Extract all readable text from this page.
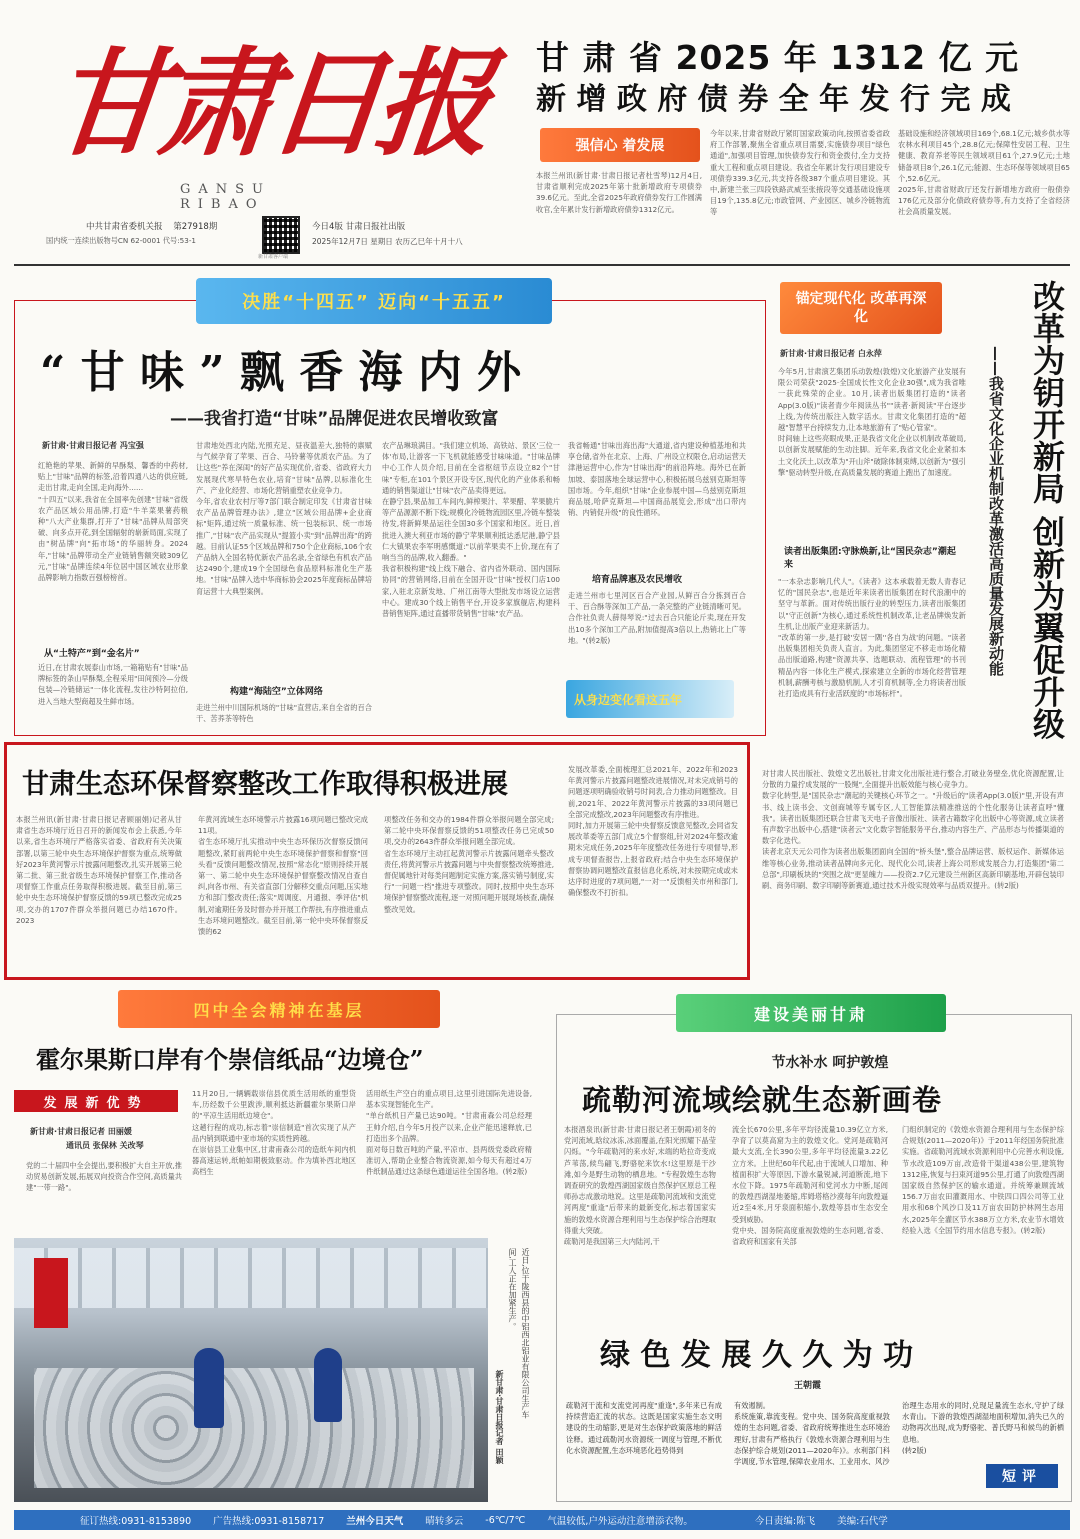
甘肃日报
GANSU RIBAO
中共甘肃省委机关报 第27918期
国内统一连续出版物号CN 62-0001 代号:53-1
新甘肃客户端
今日4版 甘肃日报社出版
2025年12月7日 星期日 农历乙巳年十月十八
甘 肃 省 2025 年 1312 亿 元
新 增 政 府 债 券 全 年 发 行 完 成
强信心 着发展
本报兰州讯(新甘肃·甘肃日报记者杜雪琴)12月4日,甘肃省顺利完成2025年第十批新增政府专项债券39.6亿元。至此,全省2025年政府债券发行工作圆满收官,全年累计发行新增政府债券1312亿元。
今年以来,甘肃省财政厅紧盯国家政策动向,按照省委省政府工作部署,聚焦全省重点项目需要,实施债券项目"绿色通道",加强项目管理,加快债券发行和资金拨付,全力支持重大工程和重点项目建设。我省全年累计发行项目建设专项债券339.3亿元,共支持各级387个重点项目建设。其中,新建兰张三四段铁路武威至张掖段等交通基础设施项目19个,135.8亿元;市政管网、产业园区、城乡冷链物流等
基础设施和经济领域项目169个,68.1亿元;城乡供水等农林水利项目45个,28.8亿元;保障性安居工程、卫生健康、教育养老等民生领域项目61个,27.9亿元;土地储备项目8个,26.1亿元;能源、生态环保等领域项目65个,52.6亿元。
2025年,甘肃省财政厅还发行新增地方政府一般债券176亿元及部分化债政府债券等,有力支持了全省经济社会高质量发展。
决胜“十四五” 迈向“十五五”
“ 甘 味 ” 飘 香 海 内 外
——我省打造“甘味”品牌促进农民增收致富
新甘肃·甘肃日报记者 冯宝强
红艳艳的苹果、新鲜的早酥梨、馨香的中药材,贴上"甘味"品牌的标签,沿着四通八达的供应链,走出甘肃,走向全国,走向海外……
"十四五"以来,我省在全国率先创建"甘味"省级农产品区域公用品牌,打造"牛羊菜果薯药粮种"八大产业集群,打开了"甘味"品牌从局部突破、向多点开花,到全国辐射的崭新局面,实现了由"树品牌"向"拓市场"的华丽转身。2024年,"甘味"品牌带动全产业链销售额突破309亿元,"甘味"品牌连续4年位居中国区域农业形象品牌影响力指数百强榜榜首。
从“土特产”到“金名片”
近日,在甘肃农展泰山市场,一箱箱贴有"甘味"品牌标签的条山早酥梨,全程采用"田间预冷—分级包装—冷链储运"一体化流程,发往沙特阿拉伯,进入当地大型商超及生鲜市场。
甘肃地处西北内陆,光照充足、昼夜温差大,独特的禀赋与气候孕育了苹果、百合、马铃薯等优质农产品。为了让这些"养在深闺"的好产品实现优价,省委、省政府大力发展现代寒旱特色农业,培育"甘味"品牌,以标准化生产、产业化经营、市场化营销重塑农业竞争力。
今年,省农业农村厅等7部门联合制定印发《甘肃省甘味农产品品牌管理办法》,建立"区域公用品牌+企业商标"矩阵,通过统一质量标准、统一包装标识、统一市场推广,"甘味"农产品实现从"提篮小卖"到"品牌出海"的跨越。目前认证55个区域品牌和750个企业商标,106个农产品纳入全国名特优新农产品名录,全省绿色有机农产品达2490个,建成19个全国绿色食品原料标准化生产基地。"甘味"品牌入选中华商标协会2025年度商标品牌培育运营十大典型案例。
构建“海陆空”立体网络
走进兰州中川国际机场的"甘味"直营店,来自全省的百合干、苦荞茶等特色
农产品琳琅满目。"我们建立机场、高铁站、景区'三位一体'布局,让游客一下飞机就能感受甘味味道。"甘味品牌中心工作人员介绍,目前在全省枢纽节点设立82个"甘味"专柜,在101个景区开设专区,现代化的产业体系和畅通的销售渠道让"甘味"农产品卖得更远。
在静宁县,果品加工车间内,鲜榨果汁、苹果醋、苹果脆片等产品源源不断下线;规模化冷链物流园区里,冷链车整装待发,将新鲜果品运往全国30多个国家和地区。近日,首批进入澳大利亚市场的静宁苹果顺利抵达悉尼港,静宁县仁大镇果农李军明感慨道:"以前苹果卖不上价,现在有了响当当的品牌,收入翻番。"
我省积极构建"线上线下融合、省内省外联动、国内国际协同"的营销网络,目前在全国开设"甘味"授权门店100家,入驻北京新发地、广州江南等大型批发市场设立运营中心。建成30个线上销售平台,开设多家旗舰店,构建科普销售矩阵,通过直播带货销售"甘味"农产品。
我省畅通"甘味出海出海"大通道,省内建设种植基地和共享仓储,省外在北京、上海、广州设立权限仓,启动运营天津港运营中心,作为"甘味出海"的前沿阵地。海外已在新加坡、泰国落地全球运营中心,积极拓展乌兹别克斯坦等国市场。今年,组织"甘味"企业参展中国—乌兹别克斯坦商品展,哈萨克斯坦—中国商品展览会,形成"出口带内销、内销促升级"的良性循环。
培育品牌惠及农民增收
走进兰州市七里河区百合产业园,从鲜百合分拣到百合干、百合酥等深加工产品,一条完整的产业链清晰可见。合作社负责人薛得琴说:"过去百合只能论斤卖,现在开发出10多个深加工产品,附加值提高3倍以上,热销北上广等地。"(转2版)
从身边变化看这五年
锚定现代化 改革再深化
新甘肃·甘肃日报记者 白永萍
今年5月,甘肃演艺集团乐动敦煌(敦煌)文化旅游产业发展有限公司荣获"2025·全国成长性文化企业30强",成为我省唯一获此殊荣的企业。10月,读者出版集团打造的"读者App(3.0版)"读者青少年阅读丛书""读者·新阅读"平台逐步上线,为传统出版注入数字活水。甘肃文化集团打造的"超越"智慧平台持续发力,让本地旅游有了"贴心管家"。
时间轴上这些亮眼成果,正是我省文化企业以机制改革破局,以创新发展赋能的生动注脚。近年来,我省文化企业紧扣本土文化沃土,以改革为"开山斧"破除体制束缚,以创新为"强引擎"驱动转型升级,在高质量发展的赛道上跑出了加速度。
读者出版集团:守脉焕新,让“国民杂志”潮起来
"一本杂志影响几代人"。《读者》这本承载着无数人青春记忆的"国民杂志",也是近年来读者出版集团在时代浪潮中的坚守与革新。面对传统出版行业的转型压力,读者出版集团以"守正创新"为核心,通过系统性机制改革,让老品牌焕发新生机,让出版产业迎来新活力。
"改革的第一步,是打破'安居一隅''各自为战'的问题。"读者出版集团相关负责人直言。为此,集团坚定不移走市场化精品出版道路,构建"资源共享、选题联动、流程管理"的书刊精品内容一体化生产模式,探索建立全新的市场化经营管理机制,薪酬考核与激励机制,人才引育机制等,全力将读者出版社打造成具有行业活跃度的"市场标杆"。	改革为钥开新局 创新为翼促升级
——我省文化企业机制改革激活高质量发展新动能
对甘肃人民出版社、敦煌文艺出版社,甘肃文化出版社进行整合,打破业务壁垒,优化资源配置,让分散的力量拧成发展的"一股绳",全面提升出版效能与核心竞争力。
数字化转型,是"国民杂志"潮起的关键核心环节之一。"升级后的"读者App(3.0版)"里,开设有声书、线上读书会、文创商城等专属专区,人工智能算法精准推送的个性化服务让读者直呼"懂我"。读者出版集团还联合甘肃飞天电子音像出版社、读者古籍数字化出版中心等资源,成立读者有声数字出版中心,搭建"读者云"文化数字智能服务平台,推动内容生产、产品形态与传播渠道的数字化迭代。
读者北京天元公司作为读者出版集团面向全国的"桥头堡",整合品牌运营、版权运作、新媒体运维等核心业务,推动读者品牌向多元化、现代化公司,读者上海公司形成发展合力,打造集团"第二总部",印刷板块的"突围之战"更显魄力——投资2.7亿元建设兰州新区高新印刷基地,开辟包装印刷、商务印刷、数字印刷等新赛道,通过技术升级实现效率与品质双提升。(转2版)
甘肃生态环保督察整改工作取得积极进展
本报兰州讯(新甘肃·甘肃日报记者顾丽娟)记者从甘肃省生态环境厅近日召开的新闻发布会上获悉,今年以来,省生态环境厅严格落实省委、省政府有关决策部署,以第三轮中央生态环境保护督察为重点,统筹做好2023年黄河警示片披露问题整改,扎实开展第三轮第二批、第三批省级生态环境保护督察工作,推动各项督察工作重点任务取得积极进展。截至目前,第三轮中央生态环境保护督察反馈的59项已整改完成25项,交办的1707件群众举报问题已办结1670件。2023
年黄河流域生态环境警示片披露16项问题已整改完成11项。
省生态环境厅扎实推动中央生态环保历次督察反馈问题整改,紧盯前两轮中央生态环境保护督察和督察"回头看"反馈问题整改情况,按照"常态化"原则持续开展第一、第二轮中央生态环境保护督察整改情况自查自纠,向各市州、有关省直部门分解移交重点问题,压实地方和部门整改责任;落实"周调度、月通报、季评估"机制,对逾期任务及时督办并开展工作帮扶,有序推进重点生态环境问题整改。截至目前,第一轮中央环保督察反馈的62
项整改任务和交办的1984件群众举报问题全部完成;第二轮中央环保督察反馈的51项整改任务已完成50项,交办的2643件群众举报问题全部完成。
省生态环境厅主动扛起黄河警示片披露问题牵头整改责任,将黄河警示片披露问题与中央督察整改统筹推进,督促属地针对每类问题制定实施方案,落实销号制度,实行"一问题一档"推进专项整改。同时,按照中央生态环境保护督察整改流程,逐一对照问题开展现场核查,确保整改见效。
发展改革委,全面梳理汇总2021年、2022年和2023年黄河警示片披露问题整改进展情况,对未完成销号的问题逐项明确验收销号时间表,合力推动问题整改。目前,2021年、2022年黄河警示片披露的33项问题已全部完成整改,2023年问题整改有序推进。
同时,加力开展第三轮中央督察反馈意见整改,会同省发展改革委等五部门成立5个督察组,针对2024年整改逾期未完成任务,2025年年度整改任务进行专项督导,形成专项督查报告,上报省政府;结合中央生态环境保护督察协调问题整改直报信息化系统,对未按期完成或未达序时进度的7项问题,"一对一"反馈相关市州和部门,确保整改不打折扣。
四中全会精神在基层
霍尔果斯口岸有个崇信纸品“边境仓”
发展新优势
新甘肃·甘肃日报记者 田丽媛
通讯员 张保林 关改琴
党的二十届四中全会提出,要积极扩大自主开放,推动贸易创新发展,拓展双向投资合作空间,高质量共建"一带一路"。
11月20日,一辆辆载崇信县优质生活用纸的重型货车,历经数千公里跋涉,顺利抵达新疆霍尔果斯口岸的"平凉生活用纸边境仓"。
这趟行程的成功,标志着"崇信制造"首次实现了从产品内销到联通中亚市场的实质性跨越。
在崇信县工业集中区,甘肃甫森公司的造纸车间内机器高速运转,纸帕如期极致驱动。作为填补西北地区高档生
活用纸生产空白的重点项目,这里引进国际先进设备,基本实现智能化生产。
"单台纸机日产量已达90吨。"甘肃甫森公司总经理王帅介绍,自今年5月投产以来,企业产能迅速释放,已打造出多个品牌。
面对每日数百吨的产量,平凉市、县两级党委政府精准切入,帮助企业整合物流资源,如今每天有超过4万件纸制品通过这条绿色通道运往全国各地。(转2版)
近日,位于陇西县的中铝西北铝业有限公司生产车间,工人正在加紧生产。
新甘肃·甘肃日报记者 田颖
建设美丽甘肃
节水补水 呵护敦煌
疏勒河流域绘就生态新画卷
本报酒泉讯(新甘肃·甘肃日报记者王朝霞)初冬的党河流域,晗纹冰冻,冰面覆盖,在阳光照耀下晶莹闪烁。"今年疏勒河的来水好,末端的哈拉奇变成芦苇荡,候鸟翩飞,野骆驼来饮水!这里原是干沙滩,如今是野生动物的栖息地。"专程敦煌生态物调查研究的敦煌西湖国家级自然保护区原总工程师孙志成激动地说。这里是疏勒河流域和支流党河两度"重逢"后带来的最新变化,标志着国家实施的敦煌水资源合理利用与生态保护综合治理取得重大突破。
疏勒河是我国第三大内陆河,干
流全长670公里,多年平均径流量10.39亿立方米,孕育了以莫高窟为主的敦煌文化。党河是疏勒河最大支流,全长390公里,多年平均径流量3.22亿立方米。上世纪60年代起,由于流域人口增加、种植面积扩大等原因,下游水量锐减,河道断流,地下水位下降。1975年疏勒河和党河水力中断,尾闾的敦煌西湖湿地萎缩,库姆塔格沙漠每年向敦煌逼近2至4米,月牙泉面积缩小,敦煌等县市生态安全受到威胁。
党中央、国务院高度重视敦煌的生态问题,省委、省政府和国家有关部
门组织制定的《敦煌水资源合理利用与生态保护综合规划(2011—2020年)》于2011年经国务院批准实施。省疏勒河流域水资源利用中心完善水利设施,节水改造109万亩,改造骨干渠道438公里,建筑物1312座,恢复与扫束河道95公里,打通了向敦煌西湖国家级自然保护区的输水通道。并统筹兼顾流域156.7万亩农田灌溉用水、中铁四口四公司等工业用水和68个风沙口及11万亩农田防护林网生态用水,2025年全灌区节水388万立方米,农业节水增效经验入选《全国节约用水信息专报》。(转2版)
绿 色 发 展 久 久 为 功
王朝霞
疏勒河干流和支流党河再度"重逢",多年来已有成持续营造汇流的状态。这既是国家实施生态文明建设的生动缩影,更是对生态保护政策落地的鲜活诠释。通过疏勒河水资源统一调度与管理,不断优化水资源配置,生态环境恶化趋势得到
有效遏制。
系统施策,靠流变程。党中央、国务院高度重视敦煌的生态问题,省委、省政府统筹推进生态环境治理好,甘肃有严格执行《敦煌水资源合理利用与生态保护综合规划(2011—2020年)》。水利部门科学调度,节水管理,保障农业用水、工业用水、风沙
治理生态用水的同时,兑现足量流生态水,守护了绿水青山。下游的敦煌西湖湿地面积增加,消失已久的动物再次出现,成为野骆驼、普氏野马和候鸟的新栖息地。
(转2版)
短评
征订热线:0931-8153890 广告热线:0931-8158717 兰州今日天气 晴转多云 -6℃/7℃ 气温较低,户外运动注意增添衣物。	今日责编:陈飞 美编:石代学
